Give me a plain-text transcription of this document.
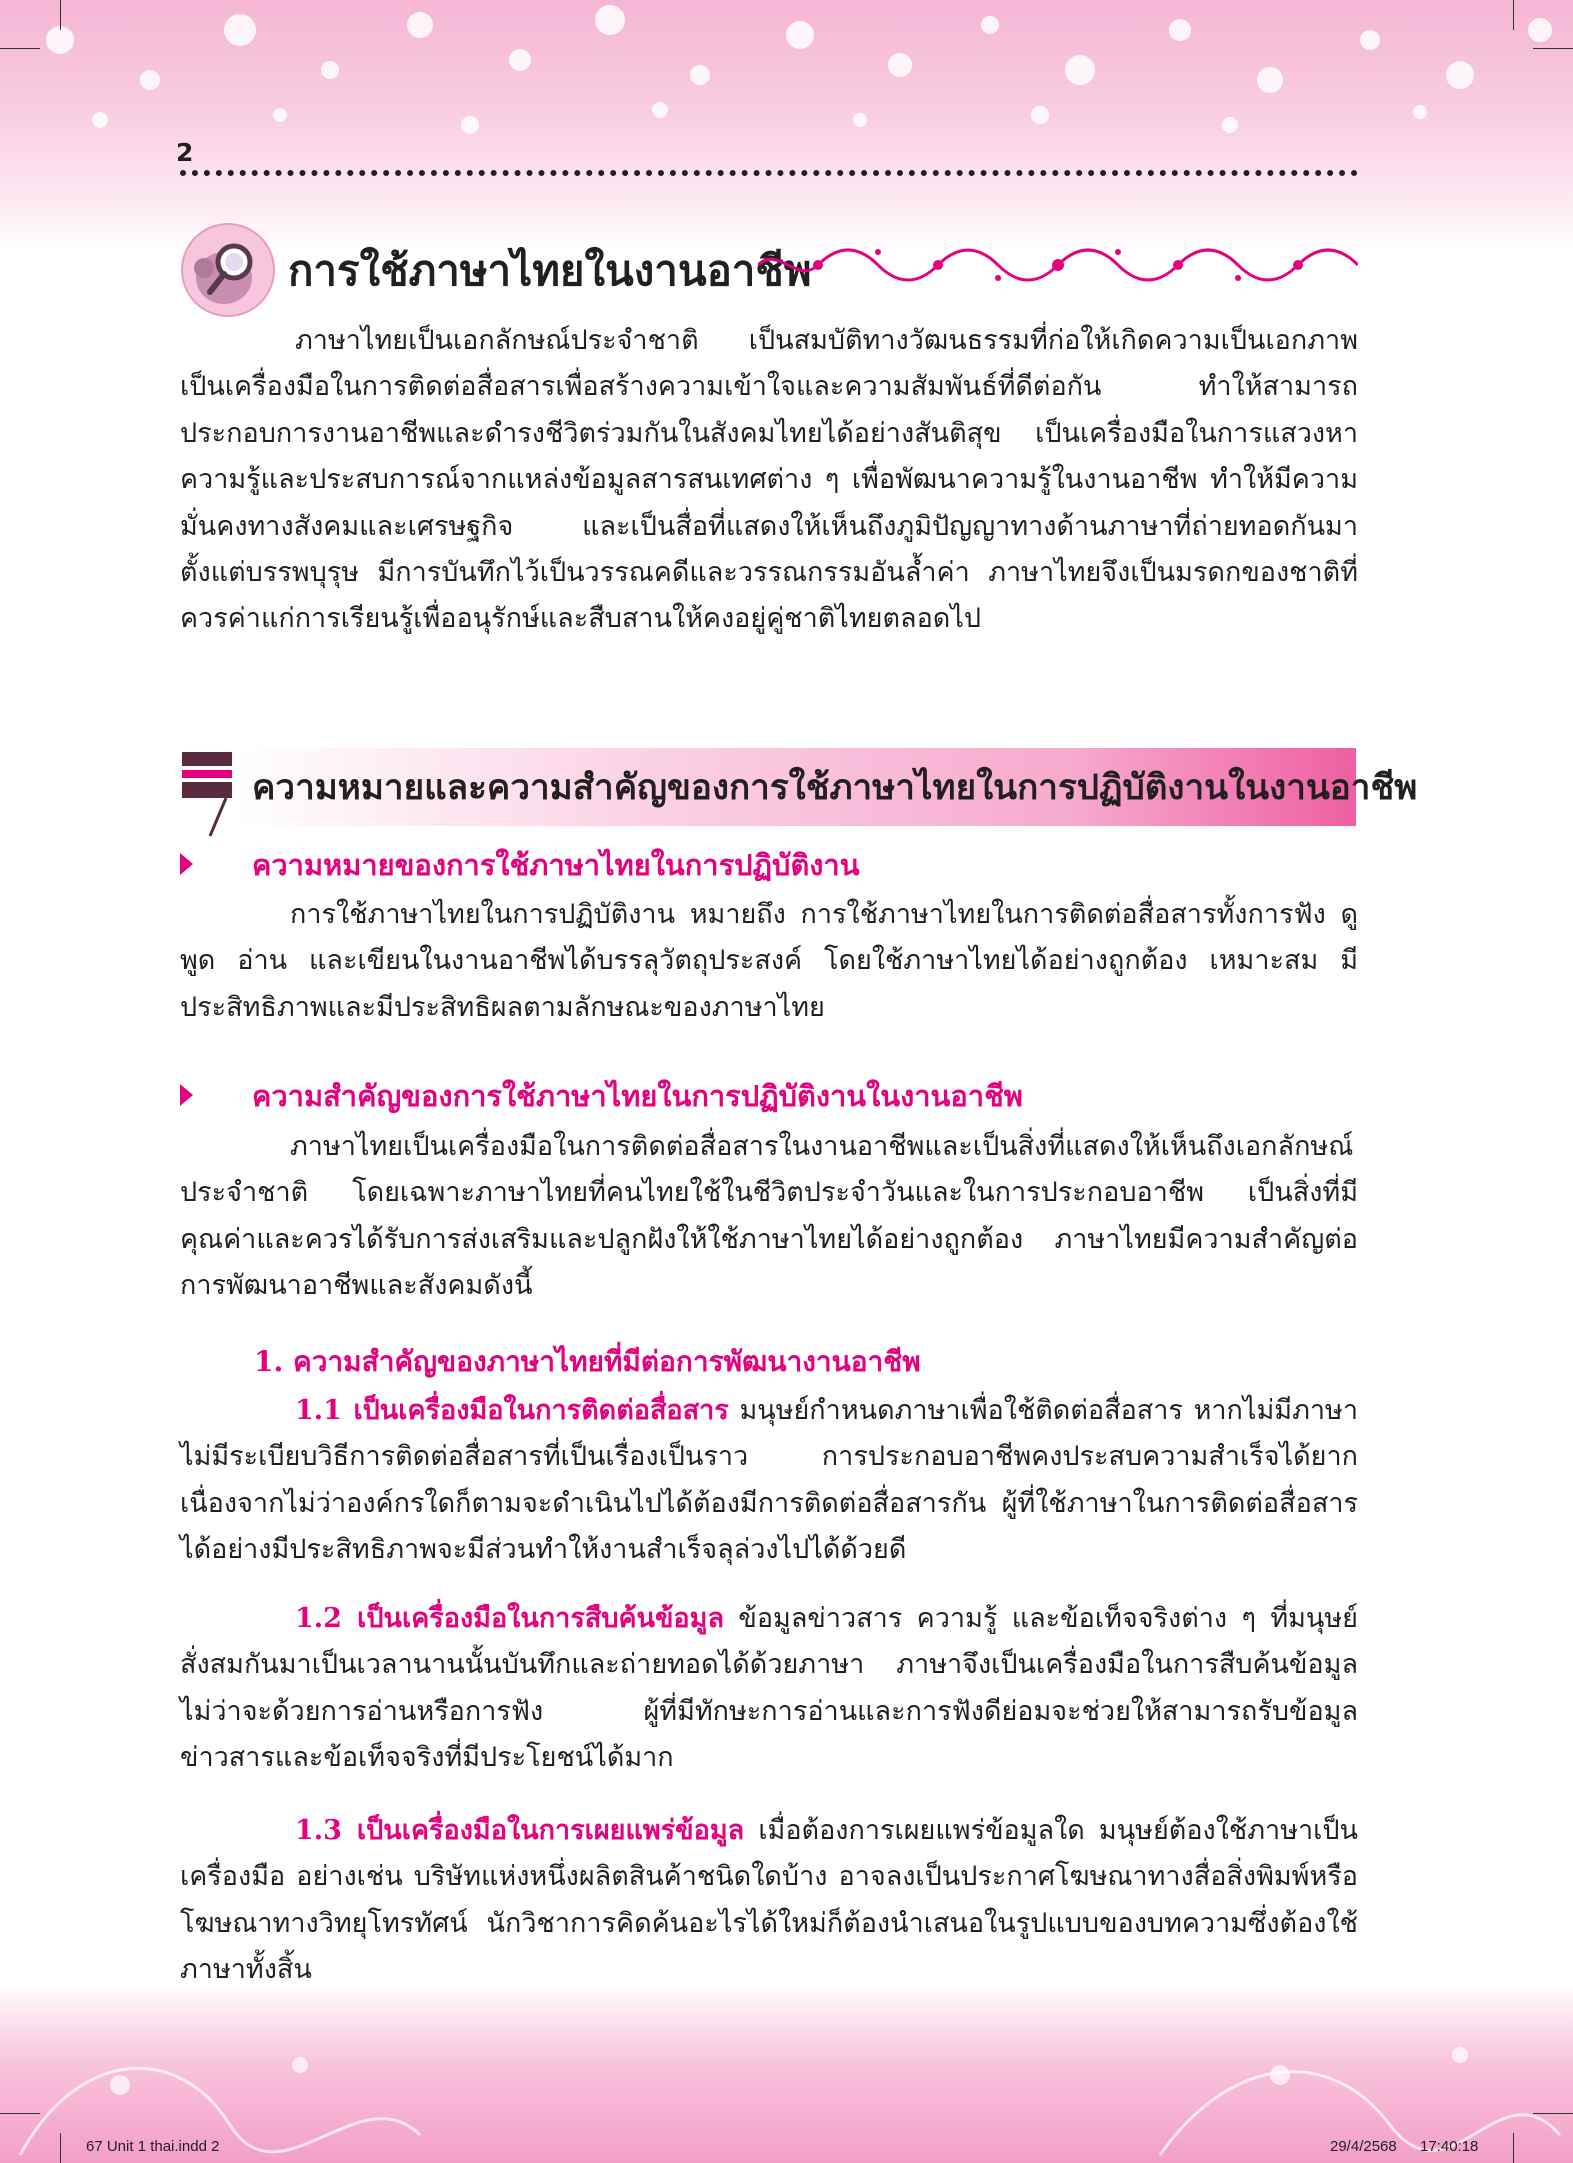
2
การใช้ภาษาไทยในงานอาชีพ

ภาษาไทยเป็นเอกลักษณ์ประจำชาติ เป็นสมบัติทางวัฒนธรรมที่ก่อให้เกิดความเป็นเอกภาพ เป็นเครื่องมือในการติดต่อสื่อสารเพื่อสร้างความเข้าใจและความสัมพันธ์ที่ดีต่อกัน ทำให้สามารถประกอบการงานอาชีพและดำรงชีวิตร่วมกันในสังคมไทยได้อย่างสันติสุข เป็นเครื่องมือในการแสวงหาความรู้และประสบการณ์จากแหล่งข้อมูลสารสนเทศต่าง ๆ เพื่อพัฒนาความรู้ในงานอาชีพ ทำให้มีความมั่นคงทางสังคมและเศรษฐกิจ และเป็นสื่อที่แสดงให้เห็นถึงภูมิปัญญาทางด้านภาษาที่ถ่ายทอดกันมาตั้งแต่บรรพบุรุษ มีการบันทึกไว้เป็นวรรณคดีและวรรณกรรมอันล้ำค่า ภาษาไทยจึงเป็นมรดกของชาติที่ควรค่าแก่การเรียนรู้เพื่ออนุรักษ์และสืบสานให้คงอยู่คู่ชาติไทยตลอดไป

ความหมายและความสำคัญของการใช้ภาษาไทยในการปฏิบัติงานในงานอาชีพ
ความหมายของการใช้ภาษาไทยในการปฏิบัติงาน

การใช้ภาษาไทยในการปฏิบัติงาน หมายถึง การใช้ภาษาไทยในการติดต่อสื่อสารทั้งการฟัง ดู พูด อ่าน และเขียนในงานอาชีพได้บรรลุวัตถุประสงค์ โดยใช้ภาษาไทยได้อย่างถูกต้อง เหมาะสม มีประสิทธิภาพและมีประสิทธิผลตามลักษณะของภาษาไทย

ความสำคัญของการใช้ภาษาไทยในการปฏิบัติงานในงานอาชีพ

ภาษาไทยเป็นเครื่องมือในการติดต่อสื่อสารในงานอาชีพและเป็นสิ่งที่แสดงให้เห็นถึงเอกลักษณ์ประจำชาติ โดยเฉพาะภาษาไทยที่คนไทยใช้ในชีวิตประจำวันและในการประกอบอาชีพ เป็นสิ่งที่มีคุณค่าและควรได้รับการส่งเสริมและปลูกฝังให้ใช้ภาษาไทยได้อย่างถูกต้อง ภาษาไทยมีความสำคัญต่อการพัฒนาอาชีพและสังคมดังนี้

1. ความสำคัญของภาษาไทยที่มีต่อการพัฒนางานอาชีพ

1.1 เป็นเครื่องมือในการติดต่อสื่อสาร มนุษย์กำหนดภาษาเพื่อใช้ติดต่อสื่อสาร หากไม่มีภาษา ไม่มีระเบียบวิธีการติดต่อสื่อสารที่เป็นเรื่องเป็นราว การประกอบอาชีพคงประสบความสำเร็จได้ยาก เนื่องจากไม่ว่าองค์กรใดก็ตามจะดำเนินไปได้ต้องมีการติดต่อสื่อสารกัน ผู้ที่ใช้ภาษาในการติดต่อสื่อสารได้อย่างมีประสิทธิภาพจะมีส่วนทำให้งานสำเร็จลุล่วงไปได้ด้วยดี

1.2 เป็นเครื่องมือในการสืบค้นข้อมูล ข้อมูลข่าวสาร ความรู้ และข้อเท็จจริงต่าง ๆ ที่มนุษย์สั่งสมกันมาเป็นเวลานานนั้นบันทึกและถ่ายทอดได้ด้วยภาษา ภาษาจึงเป็นเครื่องมือในการสืบค้นข้อมูล ไม่ว่าจะด้วยการอ่านหรือการฟัง ผู้ที่มีทักษะการอ่านและการฟังดีย่อมจะช่วยให้สามารถรับข้อมูลข่าวสารและข้อเท็จจริงที่มีประโยชน์ได้มาก

1.3 เป็นเครื่องมือในการเผยแพร่ข้อมูล เมื่อต้องการเผยแพร่ข้อมูลใด มนุษย์ต้องใช้ภาษาเป็นเครื่องมือ อย่างเช่น บริษัทแห่งหนึ่งผลิตสินค้าชนิดใดบ้าง อาจลงเป็นประกาศโฆษณาทางสื่อสิ่งพิมพ์หรือโฆษณาทางวิทยุโทรทัศน์ นักวิชาการคิดค้นอะไรได้ใหม่ก็ต้องนำเสนอในรูปแบบของบทความซึ่งต้องใช้ภาษาทั้งสิ้น

67 Unit 1 thai.indd 2	29/4/2568 17:40:18
